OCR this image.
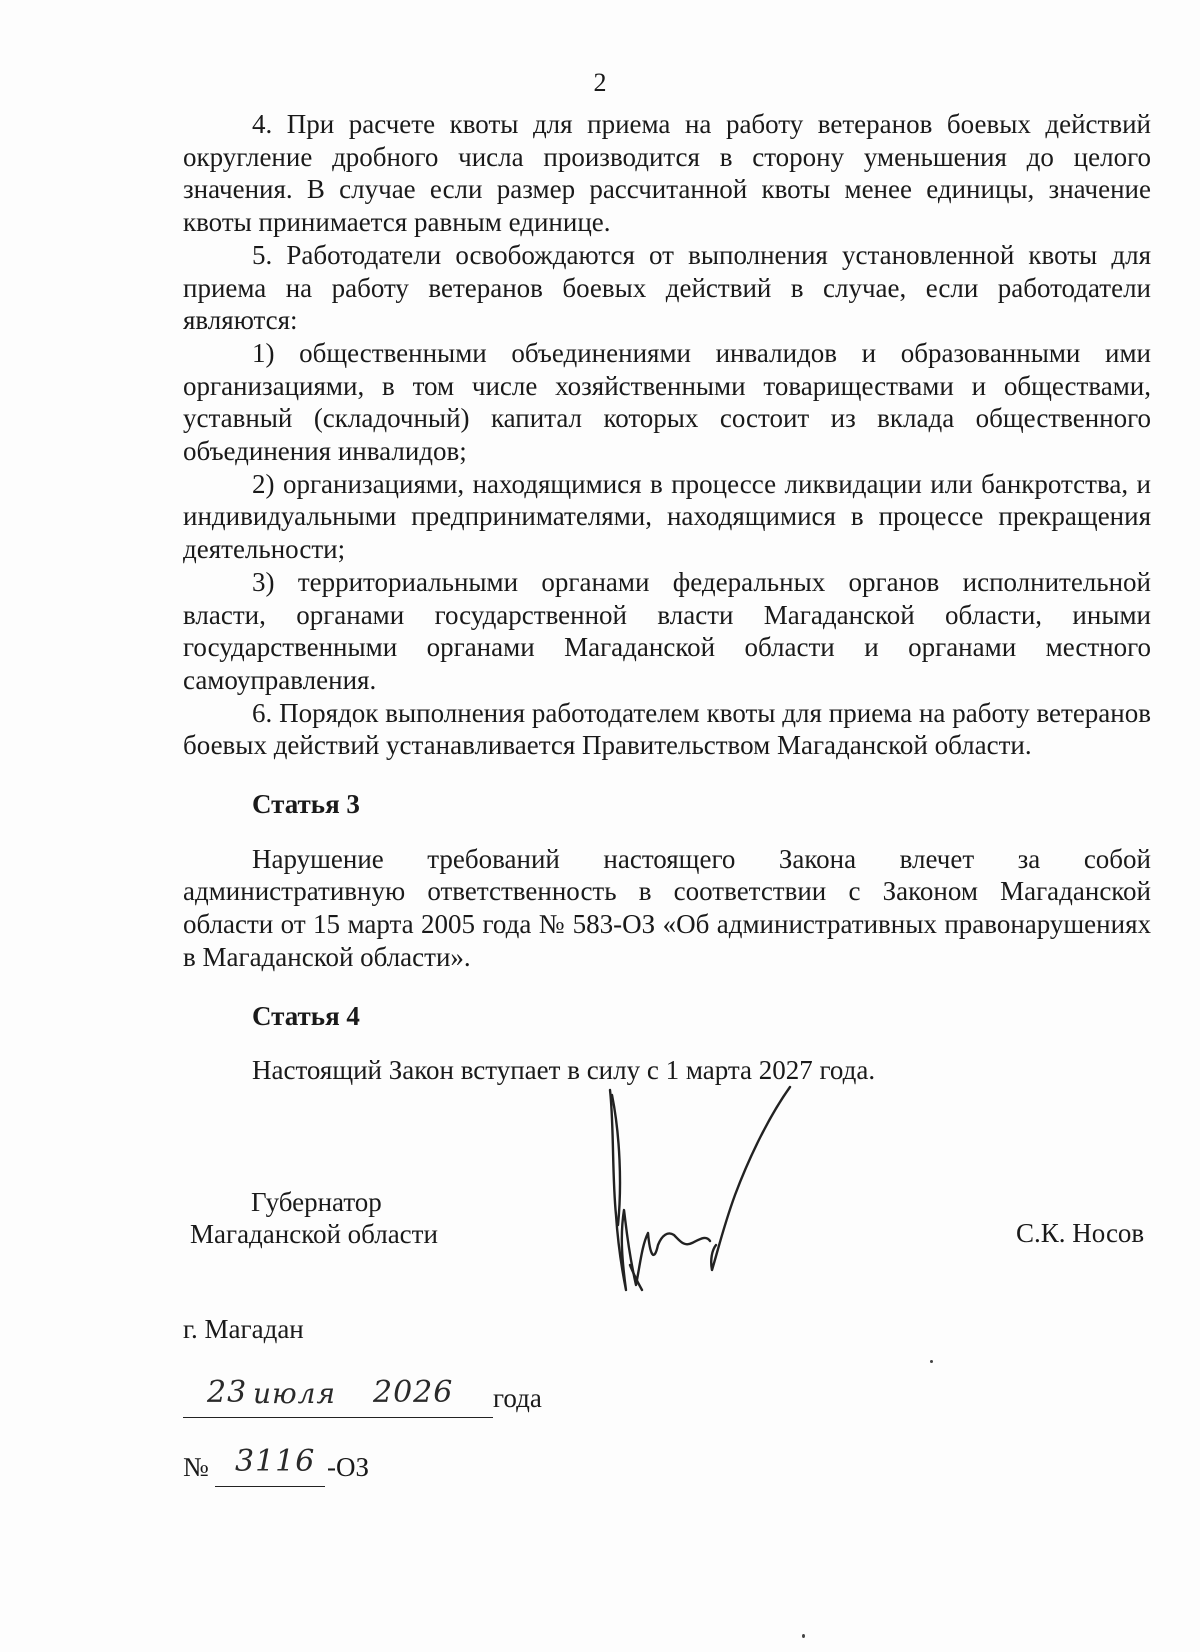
2

4. При расчете квоты для приема на работу ветеранов боевых действий округление дробного числа производится в сторону уменьшения до целого значения. В случае если размер рассчитанной квоты менее единицы, значение квоты принимается равным единице.

5. Работодатели освобождаются от выполнения установленной квоты для приема на работу ветеранов боевых действий в случае, если работодатели являются:

1) общественными объединениями инвалидов и образованными ими организациями, в том числе хозяйственными товариществами и обществами, уставный (складочный) капитал которых состоит из вклада общественного объединения инвалидов;

2) организациями, находящимися в процессе ликвидации или банкротства, и индивидуальными предпринимателями, находящимися в процессе прекращения деятельности;

3) территориальными органами федеральных органов исполнительной власти, органами государственной власти Магаданской области, иными государственными органами Магаданской области и органами местного самоуправления.

6. Порядок выполнения работодателем квоты для приема на работу ветеранов боевых действий устанавливается Правительством Магаданской области.

Статья 3

Нарушение требований настоящего Закона влечет за собой административную ответственность в соответствии с Законом Магаданской области от 15 марта 2005 года № 583-ОЗ «Об административных правонарушениях в Магаданской области».

Статья 4

Настоящий Закон вступает в силу с 1 марта 2027 года.

Губернатор
Магаданской области	С.К. Носов
г. Магадан
23 июля 2026 года
№ 3116 -ОЗ
